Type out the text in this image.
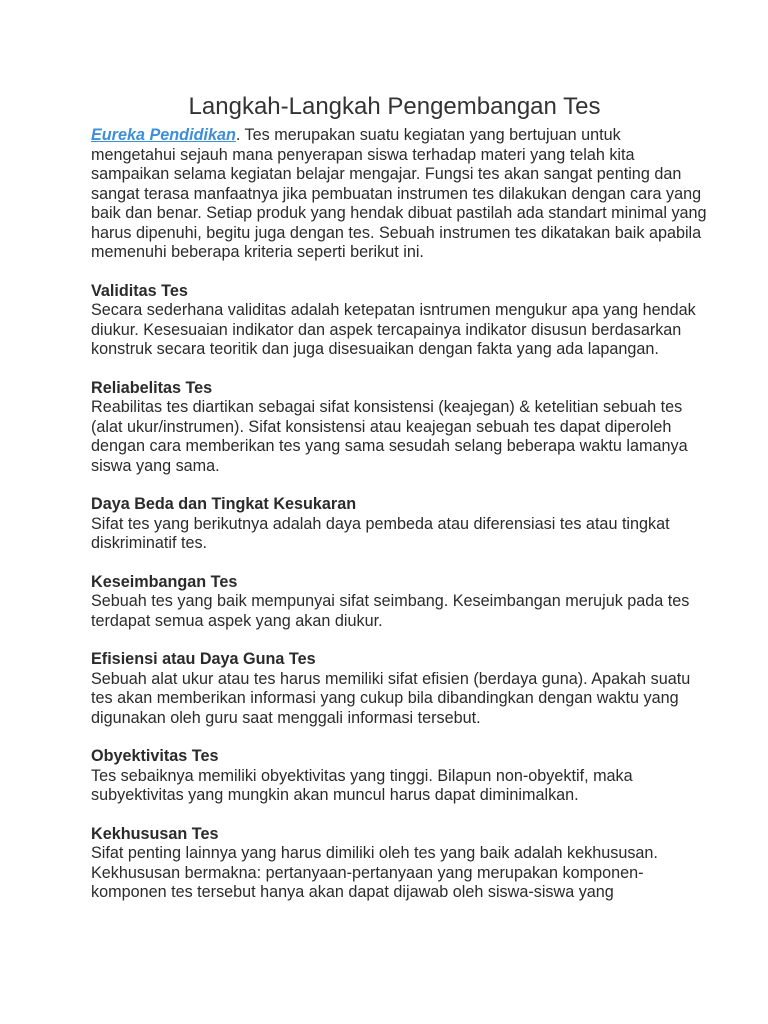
Langkah-Langkah Pengembangan Tes

Eureka Pendidikan. Tes merupakan suatu kegiatan yang bertujuan untuk mengetahui sejauh mana penyerapan siswa terhadap materi yang telah kita sampaikan selama kegiatan belajar mengajar. Fungsi tes akan sangat penting dan sangat terasa manfaatnya jika pembuatan instrumen tes dilakukan dengan cara yang baik dan benar. Setiap produk yang hendak dibuat pastilah ada standart minimal yang harus dipenuhi, begitu juga dengan tes. Sebuah instrumen tes dikatakan baik apabila memenuhi beberapa kriteria seperti berikut ini.

Validitas Tes

Secara sederhana validitas adalah ketepatan isntrumen mengukur apa yang hendak diukur. Kesesuaian indikator dan aspek tercapainya indikator disusun berdasarkan konstruk secara teoritik dan juga disesuaikan dengan fakta yang ada lapangan.

Reliabelitas Tes

Reabilitas tes diartikan sebagai sifat konsistensi (keajegan) & ketelitian sebuah tes (alat ukur/instrumen). Sifat konsistensi atau keajegan sebuah tes dapat diperoleh dengan cara memberikan tes yang sama sesudah selang beberapa waktu lamanya siswa yang sama.

Daya Beda dan Tingkat Kesukaran

Sifat tes yang berikutnya adalah daya pembeda atau diferensiasi tes atau tingkat diskriminatif tes.

Keseimbangan Tes

Sebuah tes yang baik mempunyai sifat seimbang. Keseimbangan merujuk pada tes terdapat semua aspek yang akan diukur.

Efisiensi atau Daya Guna Tes

Sebuah alat ukur atau tes harus memiliki sifat efisien (berdaya guna). Apakah suatu tes akan memberikan informasi yang cukup bila dibandingkan dengan waktu yang digunakan oleh guru saat menggali informasi tersebut.

Obyektivitas Tes

Tes sebaiknya memiliki obyektivitas yang tinggi. Bilapun non-obyektif, maka subyektivitas yang mungkin akan muncul harus dapat diminimalkan.

Kekhususan Tes

Sifat penting lainnya yang harus dimiliki oleh tes yang baik adalah kekhususan. Kekhususan bermakna: pertanyaan-pertanyaan yang merupakan komponen-komponen tes tersebut hanya akan dapat dijawab oleh siswa-siswa yang
